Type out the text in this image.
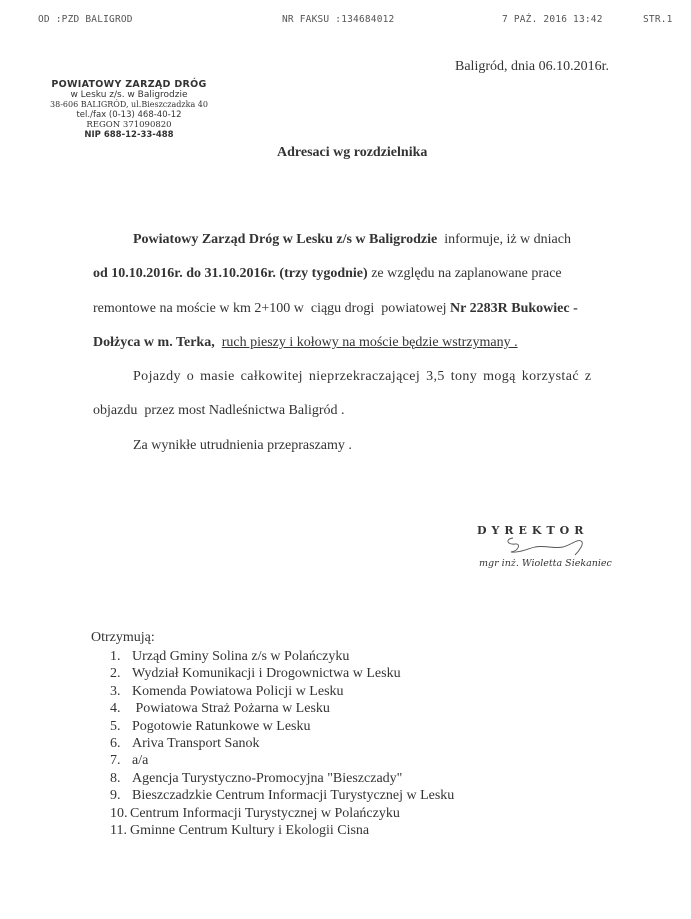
OD :PZD BALIGROD	NR FAKSU :134684012	7 PAŹ. 2016 13:42	STR.1
POWIATOWY ZARZĄD DRÓG
w Lesku z/s. w Baligrodzie
38-606 BALIGRÓD, ul.Bieszczadzka 40
tel./fax (0-13) 468-40-12
REGON 371090820
NIP 688-12-33-488
Baligród, dnia 06.10.2016r.
Adresaci wg rozdzielnika
Powiatowy Zarząd Dróg w Lesku z/s w Baligrodzie  informuje, iż w dniach
od 10.10.2016r. do 31.10.2016r. (trzy tygodnie) ze względu na zaplanowane prace
remontowe na moście w km 2+100 w  ciągu drogi  powiatowej Nr 2283R Bukowiec -
Dołżyca w m. Terka, ruch pieszy i kołowy na moście będzie wstrzymany .
Pojazdy o masie całkowitej nieprzekraczającej 3,5 tony mogą korzystać z
objazdu  przez most Nadleśnictwa Baligród .
Za wynikłe utrudnienia przepraszamy .
DYREKTOR
mgr inż. Wioletta Siekaniec
Otrzymują:
1. Urząd Gminy Solina z/s w Polańczyku
2. Wydział Komunikacji i Drogownictwa w Lesku
3. Komenda Powiatowa Policji w Lesku
4. Powiatowa Straż Pożarna w Lesku
5. Pogotowie Ratunkowe w Lesku
6. Ariva Transport Sanok
7. a/a
8. Agencja Turystyczno-Promocyjna "Bieszczady"
9. Bieszczadzkie Centrum Informacji Turystycznej w Lesku
10. Centrum Informacji Turystycznej w Polańczyku
11. Gminne Centrum Kultury i Ekologii Cisna
